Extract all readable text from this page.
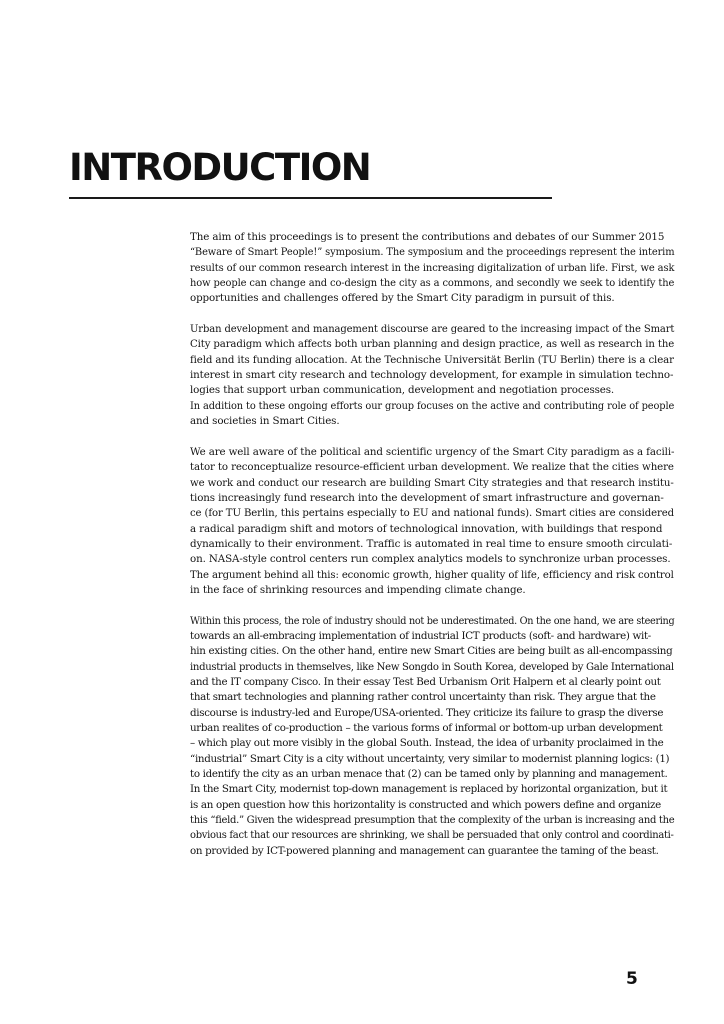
INTRODUCTION

The aim of this proceedings is to present the contributions and debates of our Summer 2015
“Beware of Smart People!” symposium. The symposium and the proceedings represent the interim
results of our common research interest in the increasing digitalization of urban life. First, we ask
how people can change and co-design the city as a commons, and secondly we seek to identify the
opportunities and challenges offered by the Smart City paradigm in pursuit of this.

Urban development and management discourse are geared to the increasing impact of the Smart
City paradigm which affects both urban planning and design practice, as well as research in the
field and its funding allocation. At the Technische Universität Berlin (TU Berlin) there is a clear
interest in smart city research and technology development, for example in simulation techno-
logies that support urban communication, development and negotiation processes.
In addition to these ongoing efforts our group focuses on the active and contributing role of people
and societies in Smart Cities.

We are well aware of the political and scientific urgency of the Smart City paradigm as a facili-
tator to reconceptualize resource-efficient urban development. We realize that the cities where
we work and conduct our research are building Smart City strategies and that research institu-
tions increasingly fund research into the development of smart infrastructure and governan-
ce (for TU Berlin, this pertains especially to EU and national funds). Smart cities are considered
a radical paradigm shift and motors of technological innovation, with buildings that respond
dynamically to their environment. Traffic is automated in real time to ensure smooth circulati-
on. NASA-style control centers run complex analytics models to synchronize urban processes.
The argument behind all this: economic growth, higher quality of life, efficiency and risk control
in the face of shrinking resources and impending climate change.

Within this process, the role of industry should not be underestimated. On the one hand, we are steering
towards an all-embracing implementation of industrial ICT products (soft- and hardware) wit-
hin existing cities. On the other hand, entire new Smart Cities are being built as all-encompassing
industrial products in themselves, like New Songdo in South Korea, developed by Gale International
and the IT company Cisco. In their essay Test Bed Urbanism Orit Halpern et al clearly point out
that smart technologies and planning rather control uncertainty than risk. They argue that the
discourse is industry-led and Europe/USA-oriented. They criticize its failure to grasp the diverse
urban realites of co-production – the various forms of informal or bottom-up urban development
– which play out more visibly in the global South. Instead, the idea of urbanity proclaimed in the
“industrial” Smart City is a city without uncertainty, very similar to modernist planning logics: (1)
to identify the city as an urban menace that (2) can be tamed only by planning and management.
In the Smart City, modernist top-down management is replaced by horizontal organization, but it
is an open question how this horizontality is constructed and which powers define and organize
this “field.” Given the widespread presumption that the complexity of the urban is increasing and the
obvious fact that our resources are shrinking, we shall be persuaded that only control and coordinati-
on provided by ICT-powered planning and management can guarantee the taming of the beast.

5
